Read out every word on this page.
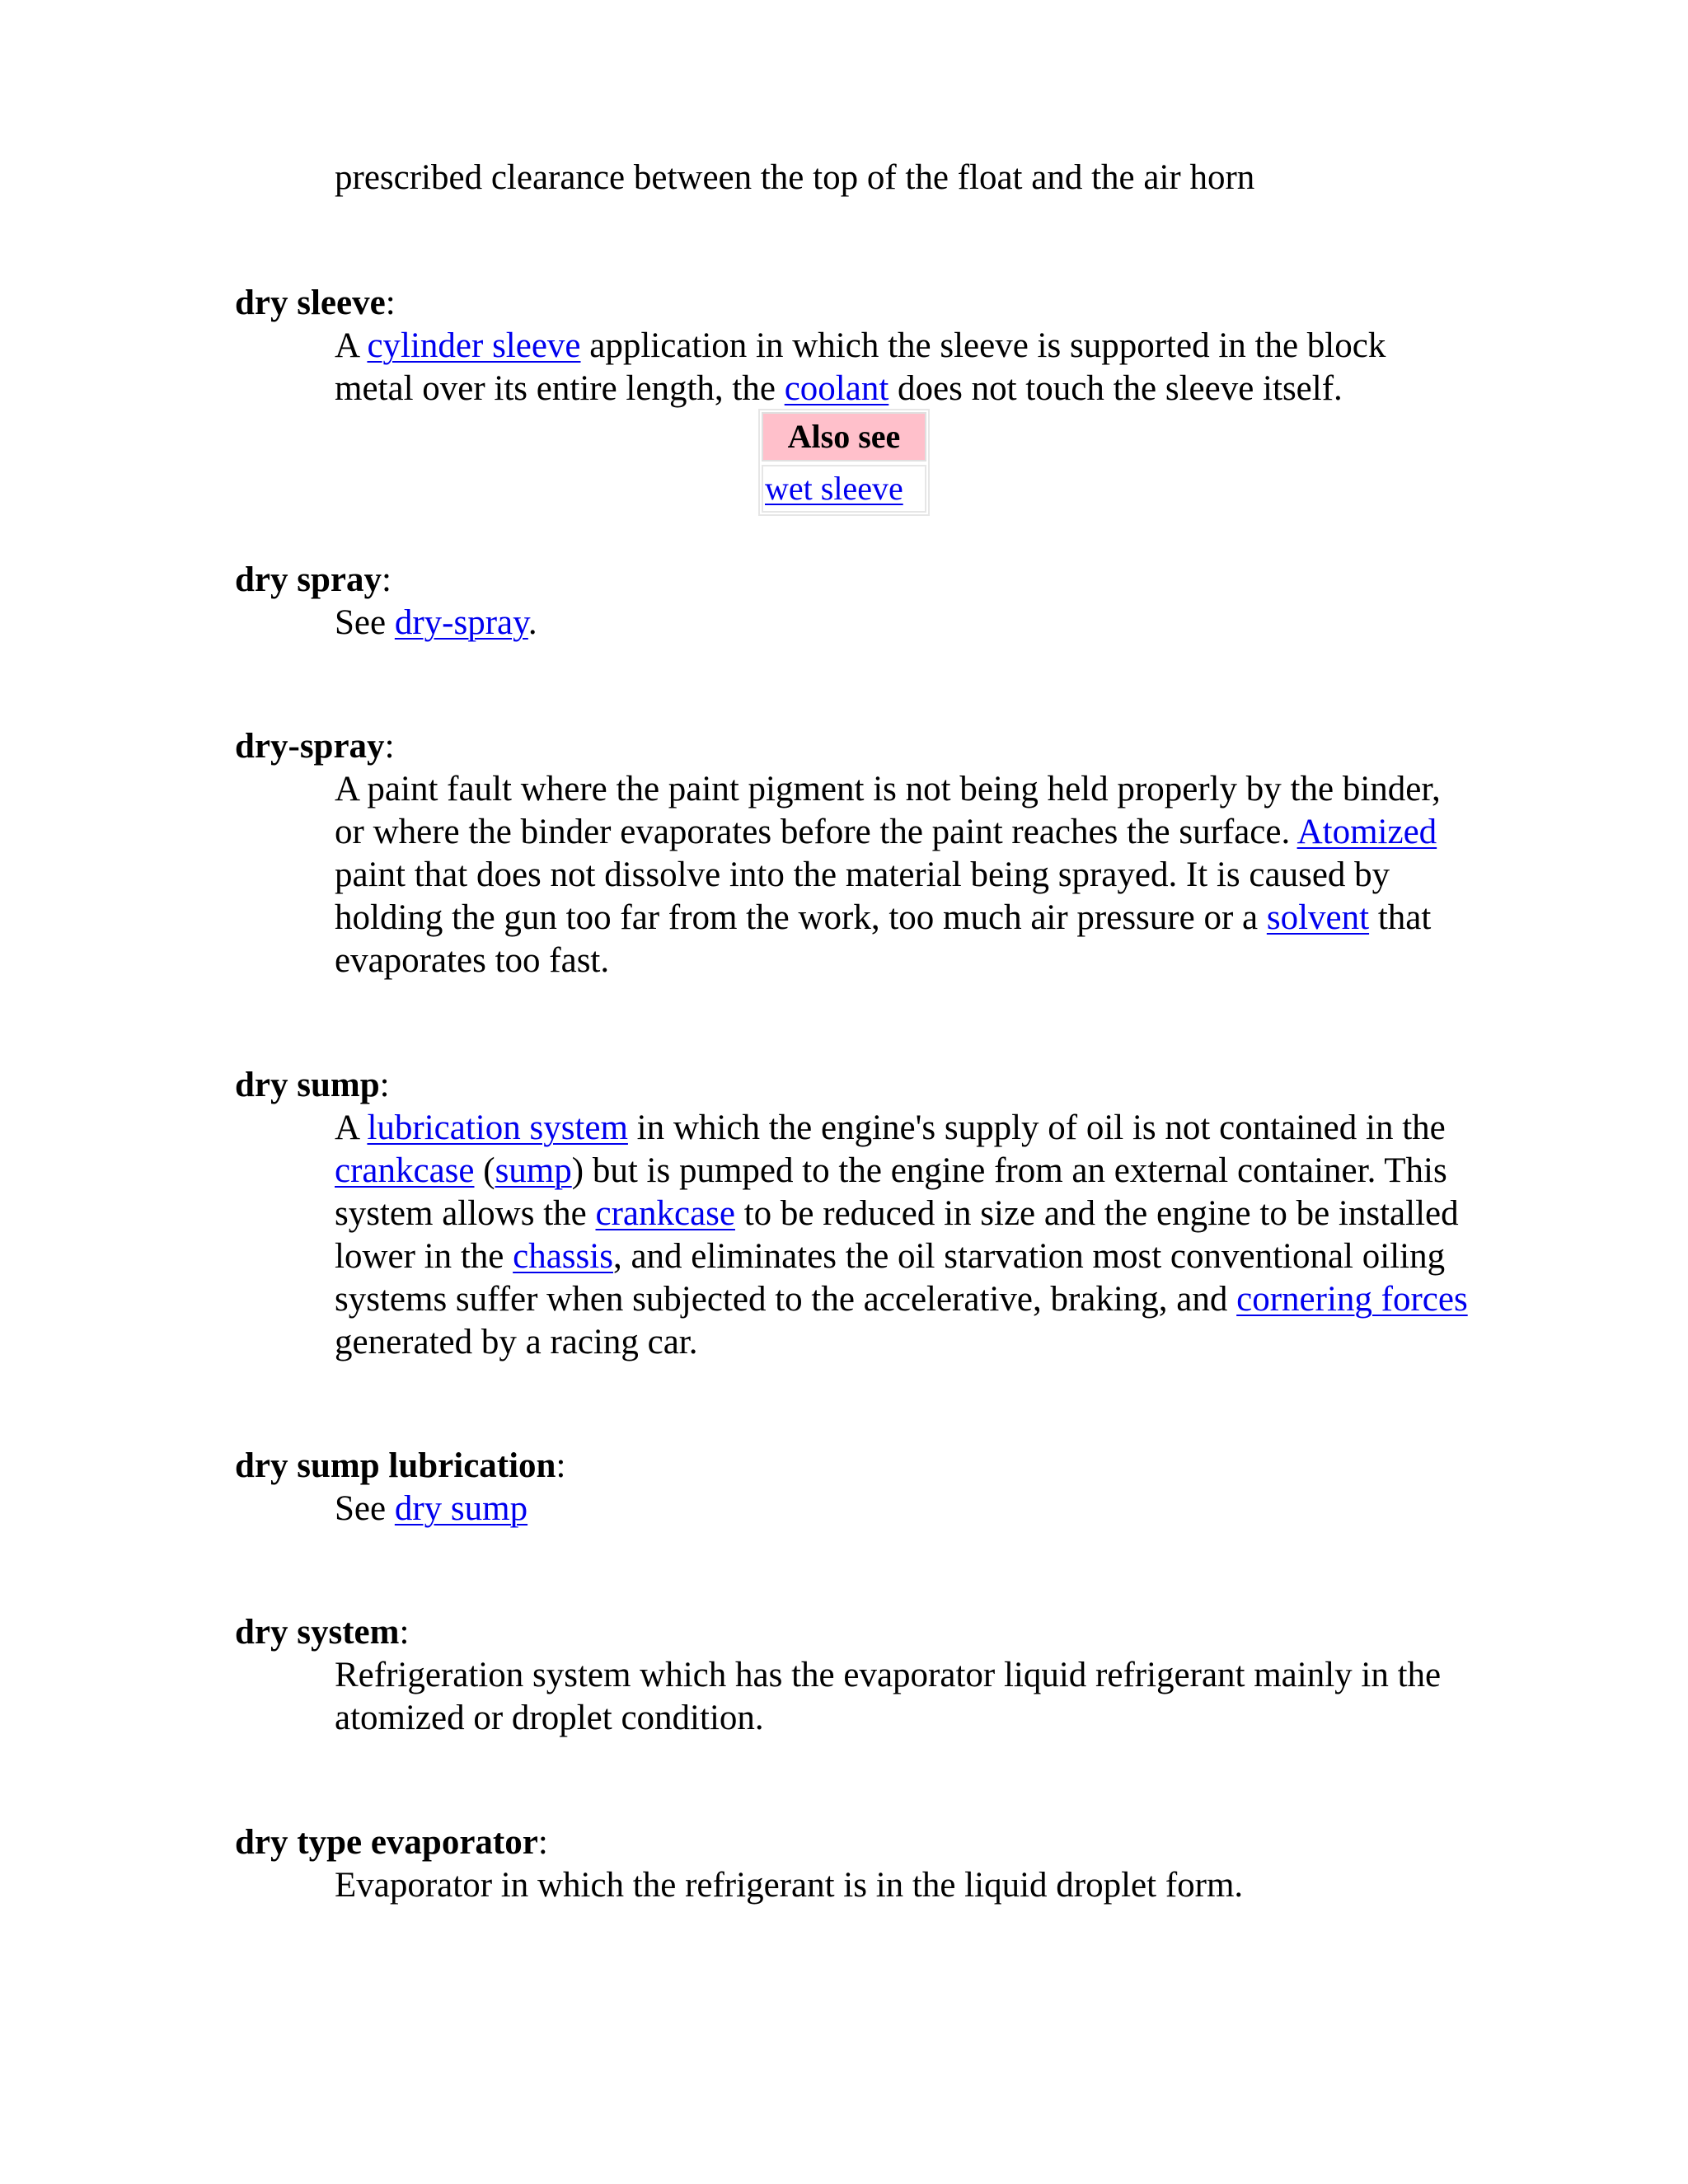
prescribed clearance between the top of the float and the air horn
dry sleeve:
A cylinder sleeve application in which the sleeve is supported in the block metal over its entire length, the coolant does not touch the sleeve itself.
Also see
wet sleeve
dry spray:
See dry-spray.
dry-spray:
A paint fault where the paint pigment is not being held properly by the binder, or where the binder evaporates before the paint reaches the surface. Atomized paint that does not dissolve into the material being sprayed. It is caused by holding the gun too far from the work, too much air pressure or a solvent that evaporates too fast.
dry sump:
A lubrication system in which the engine's supply of oil is not contained in the crankcase (sump) but is pumped to the engine from an external container. This system allows the crankcase to be reduced in size and the engine to be installed lower in the chassis, and eliminates the oil starvation most conventional oiling systems suffer when subjected to the accelerative, braking, and cornering forces generated by a racing car.
dry sump lubrication:
See dry sump
dry system:
Refrigeration system which has the evaporator liquid refrigerant mainly in the atomized or droplet condition.
dry type evaporator:
Evaporator in which the refrigerant is in the liquid droplet form.
